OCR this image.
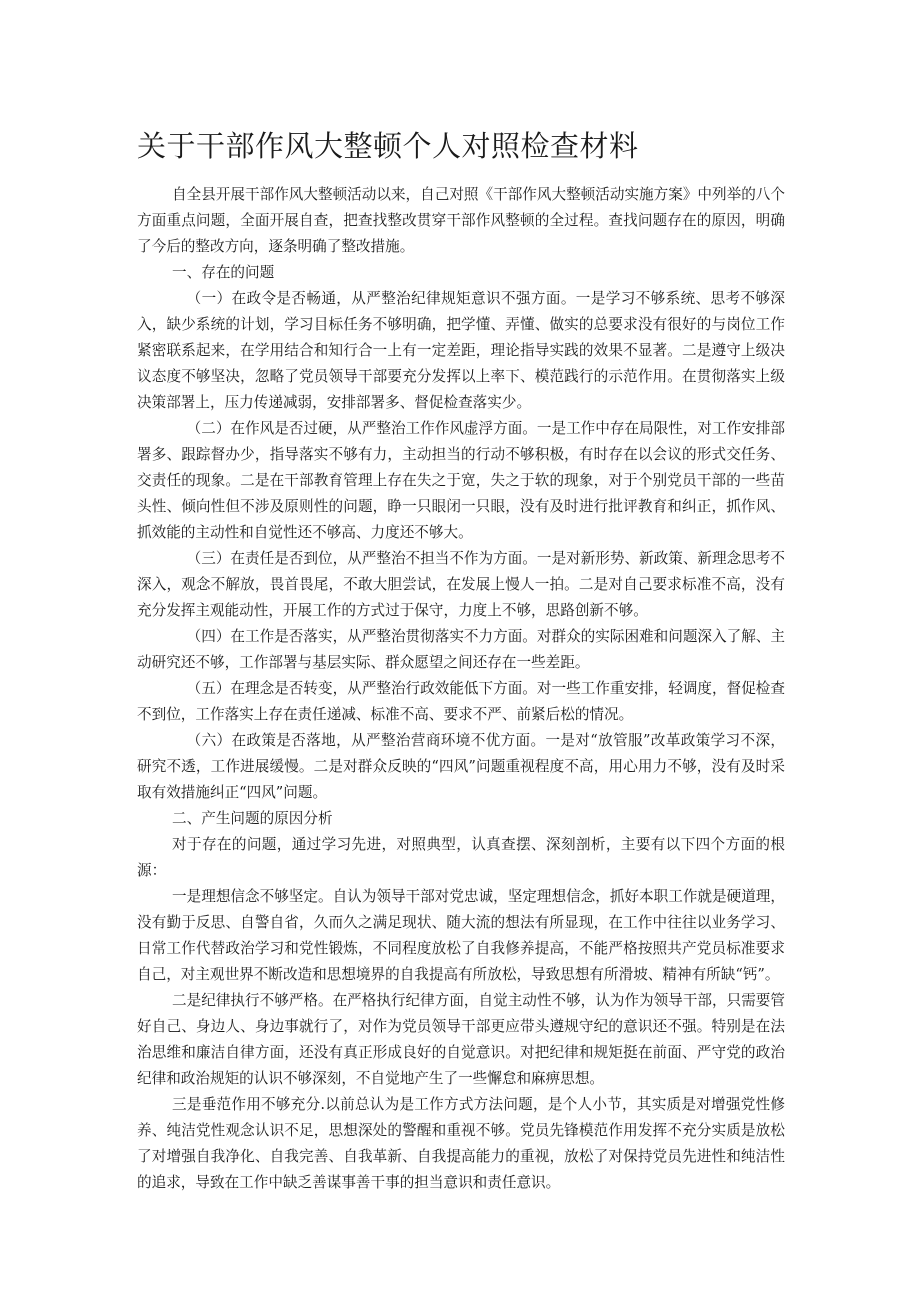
关于干部作风大整顿个人对照检查材料

自全县开展干部作风大整顿活动以来，自己对照《干部作风大整顿活动实施方案》中列举的八个方面重点问题，全面开展自查，把查找整改贯穿干部作风整顿的全过程。查找问题存在的原因，明确了今后的整改方向，逐条明确了整改措施。

一、存在的问题

（一）在政令是否畅通，从严整治纪律规矩意识不强方面。一是学习不够系统、思考不够深入，缺少系统的计划，学习目标任务不够明确，把学懂、弄懂、做实的总要求没有很好的与岗位工作紧密联系起来，在学用结合和知行合一上有一定差距，理论指导实践的效果不显著。二是遵守上级决议态度不够坚决，忽略了党员领导干部要充分发挥以上率下、模范践行的示范作用。在贯彻落实上级决策部署上，压力传递减弱，安排部署多、督促检查落实少。

（二）在作风是否过硬，从严整治工作作风虚浮方面。一是工作中存在局限性，对工作安排部署多、跟踪督办少，指导落实不够有力，主动担当的行动不够积极，有时存在以会议的形式交任务、交责任的现象。二是在干部教育管理上存在失之于宽，失之于软的现象，对于个别党员干部的一些苗头性、倾向性但不涉及原则性的问题，睁一只眼闭一只眼，没有及时进行批评教育和纠正，抓作风、抓效能的主动性和自觉性还不够高、力度还不够大。

（三）在责任是否到位，从严整治不担当不作为方面。一是对新形势、新政策、新理念思考不深入，观念不解放，畏首畏尾，不敢大胆尝试，在发展上慢人一拍。二是对自己要求标准不高，没有充分发挥主观能动性，开展工作的方式过于保守，力度上不够，思路创新不够。

（四）在工作是否落实，从严整治贯彻落实不力方面。对群众的实际困难和问题深入了解、主动研究还不够，工作部署与基层实际、群众愿望之间还存在一些差距。

（五）在理念是否转变，从严整治行政效能低下方面。对一些工作重安排，轻调度，督促检查不到位，工作落实上存在责任递减、标准不高、要求不严、前紧后松的情况。

（六）在政策是否落地，从严整治营商环境不优方面。一是对“放管服”改革政策学习不深，研究不透，工作进展缓慢。二是对群众反映的“四风”问题重视程度不高，用心用力不够，没有及时采取有效措施纠正“四风”问题。

二、产生问题的原因分析

对于存在的问题，通过学习先进，对照典型，认真查摆、深刻剖析，主要有以下四个方面的根源：

一是理想信念不够坚定。自认为领导干部对党忠诚，坚定理想信念，抓好本职工作就是硬道理，没有勤于反思、自警自省，久而久之满足现状、随大流的想法有所显现，在工作中往往以业务学习、日常工作代替政治学习和党性锻炼，不同程度放松了自我修养提高，不能严格按照共产党员标准要求自己，对主观世界不断改造和思想境界的自我提高有所放松，导致思想有所滑坡、精神有所缺“钙”。

二是纪律执行不够严格。在严格执行纪律方面，自觉主动性不够，认为作为领导干部，只需要管好自己、身边人、身边事就行了，对作为党员领导干部更应带头遵规守纪的意识还不强。特别是在法治思维和廉洁自律方面，还没有真正形成良好的自觉意识。对把纪律和规矩挺在前面、严守党的政治纪律和政治规矩的认识不够深刻，不自觉地产生了一些懈怠和麻痹思想。

三是垂范作用不够充分.以前总认为是工作方式方法问题，是个人小节，其实质是对增强党性修养、纯洁党性观念认识不足，思想深处的警醒和重视不够。党员先锋模范作用发挥不充分实质是放松了对增强自我净化、自我完善、自我革新、自我提高能力的重视，放松了对保持党员先进性和纯洁性的追求，导致在工作中缺乏善谋事善干事的担当意识和责任意识。
